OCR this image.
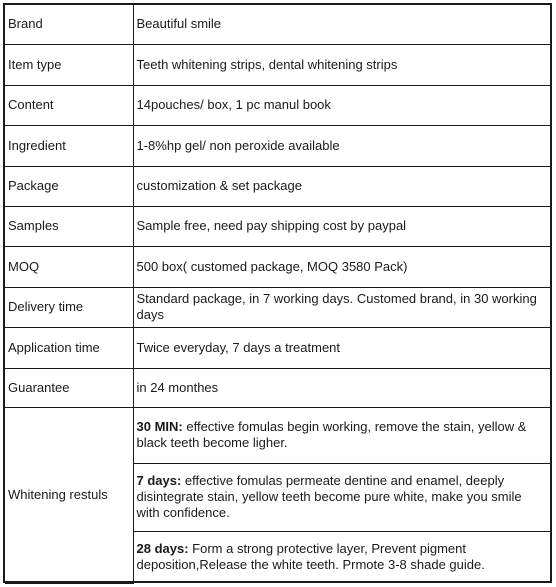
Brand	Beautiful smile
Item type	Teeth whitening strips, dental whitening strips
Content	14pouches/ box, 1 pc manul book
Ingredient	1-8%hp gel/ non peroxide available
Package	customization & set package
Samples	Sample free, need pay shipping cost by paypal
MOQ	500 box( customed package, MOQ 3580 Pack)
Delivery time	Standard package, in 7 working days. Customed brand, in 30 working days
Application time	Twice everyday, 7 days a treatment
Guarantee	in 24 monthes
Whitening restuls	30 MIN: effective fomulas begin working, remove the stain, yellow & black teeth become ligher.
	7 days: effective fomulas permeate dentine and enamel, deeply disintegrate stain, yellow teeth become pure white, make you smile with confidence.
	28 days: Form a strong protective layer, Prevent pigment deposition,Release the white teeth. Prmote 3-8 shade guide.
